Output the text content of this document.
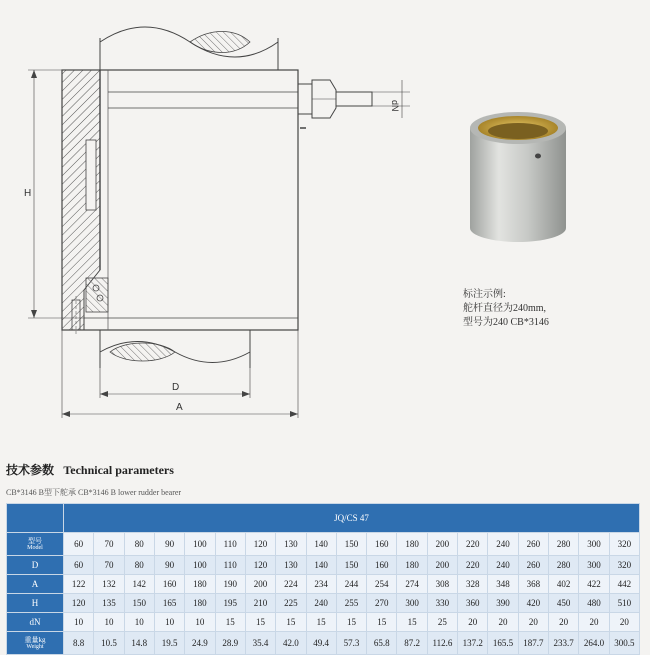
dN
H
D
A
标注示例:
舵杆直径为240mm,
型号为240 CB*3146
技术参数 Technical parameters
CB*3146 B型下舵承 CB*3146 B lower rudder bearer
	JQ/CS 47																		

型号
Model	60	70	80	90	100	110	120	130	140	150	160	180	200	220	240	260	280	300	320
D	60	70	80	90	100	110	120	130	140	150	160	180	200	220	240	260	280	300	320
A	122	132	142	160	180	190	200	224	234	244	254	274	308	328	348	368	402	422	442
H	120	135	150	165	180	195	210	225	240	255	270	300	330	360	390	420	450	480	510
dN	10	10	10	10	10	15	15	15	15	15	15	15	25	20	20	20	20	20	20

重量kg
Weight	8.8	10.5	14.8	19.5	24.9	28.9	35.4	42.0	49.4	57.3	65.8	87.2	112.6	137.2	165.5	187.7	233.7	264.0	300.5
